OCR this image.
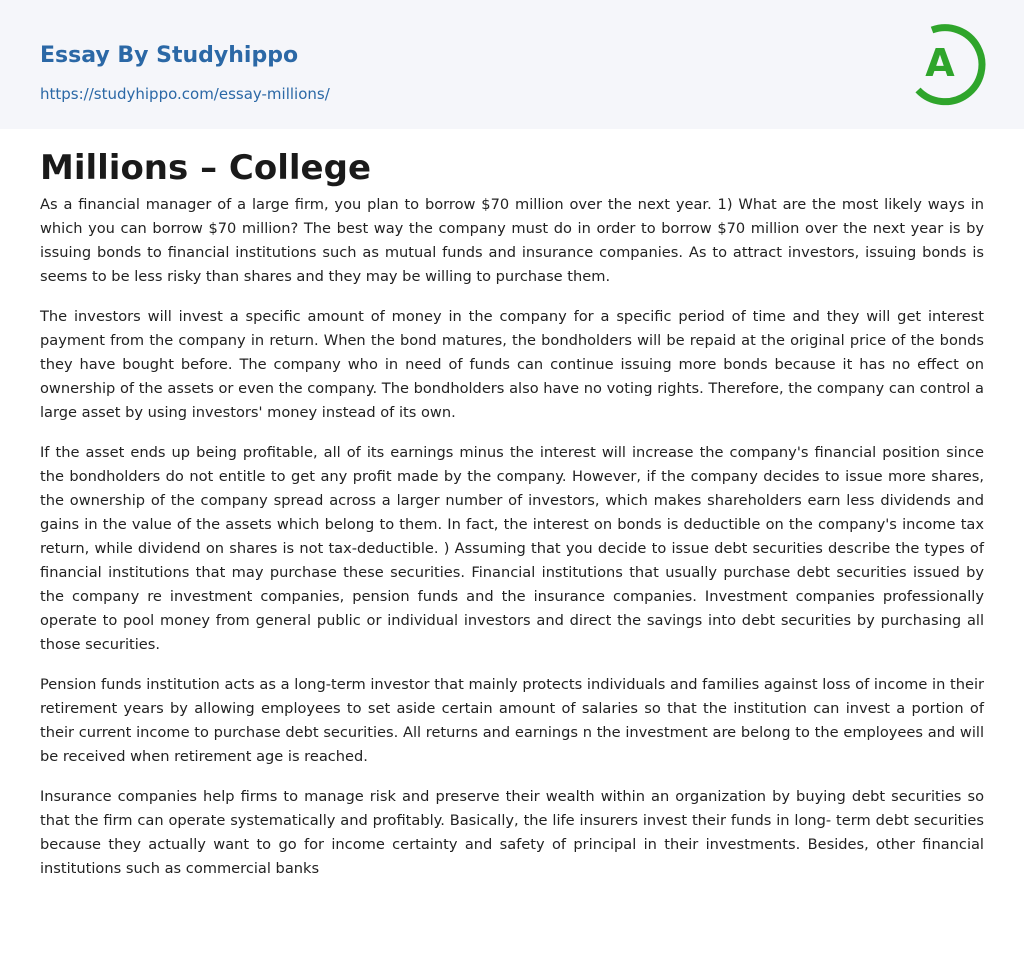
Essay By Studyhippo
https://studyhippo.com/essay-millions/
A
Millions – College

As a financial manager of a large firm, you plan to borrow $70 million over the next year. 1) What are the most likely ways in which you can borrow $70 million? The best way the company must do in order to borrow $70 million over the next year is by issuing bonds to financial institutions such as mutual funds and insurance companies. As to attract investors, issuing bonds is seems to be less risky than shares and they may be willing to purchase them.

The investors will invest a specific amount of money in the company for a specific period of time and they will get interest payment from the company in return. When the bond matures, the bondholders will be repaid at the original price of the bonds they have bought before. The company who in need of funds can continue issuing more bonds because it has no effect on ownership of the assets or even the company. The bondholders also have no voting rights. Therefore, the company can control a large asset by using investors' money instead of its own.

If the asset ends up being profitable, all of its earnings minus the interest will increase the company's financial position since the bondholders do not entitle to get any profit made by the company. However, if the company decides to issue more shares, the ownership of the company spread across a larger number of investors, which makes shareholders earn less dividends and gains in the value of the assets which belong to them. In fact, the interest on bonds is deductible on the company's income tax return, while dividend on shares is not tax-deductible. ) Assuming that you decide to issue debt securities describe the types of financial institutions that may purchase these securities. Financial institutions that usually purchase debt securities issued by the company re investment companies, pension funds and the insurance companies. Investment companies professionally operate to pool money from general public or individual investors and direct the savings into debt securities by purchasing all those securities.

Pension funds institution acts as a long-term investor that mainly protects individuals and families against loss of income in their retirement years by allowing employees to set aside certain amount of salaries so that the institution can invest a portion of their current income to purchase debt securities. All returns and earnings n the investment are belong to the employees and will be received when retirement age is reached.

Insurance companies help firms to manage risk and preserve their wealth within an organization by buying debt securities so that the firm can operate systematically and profitably. Basically, the life insurers invest their funds in long- term debt securities because they actually want to go for income certainty and safety of principal in their investments. Besides, other financial institutions such as commercial banks
